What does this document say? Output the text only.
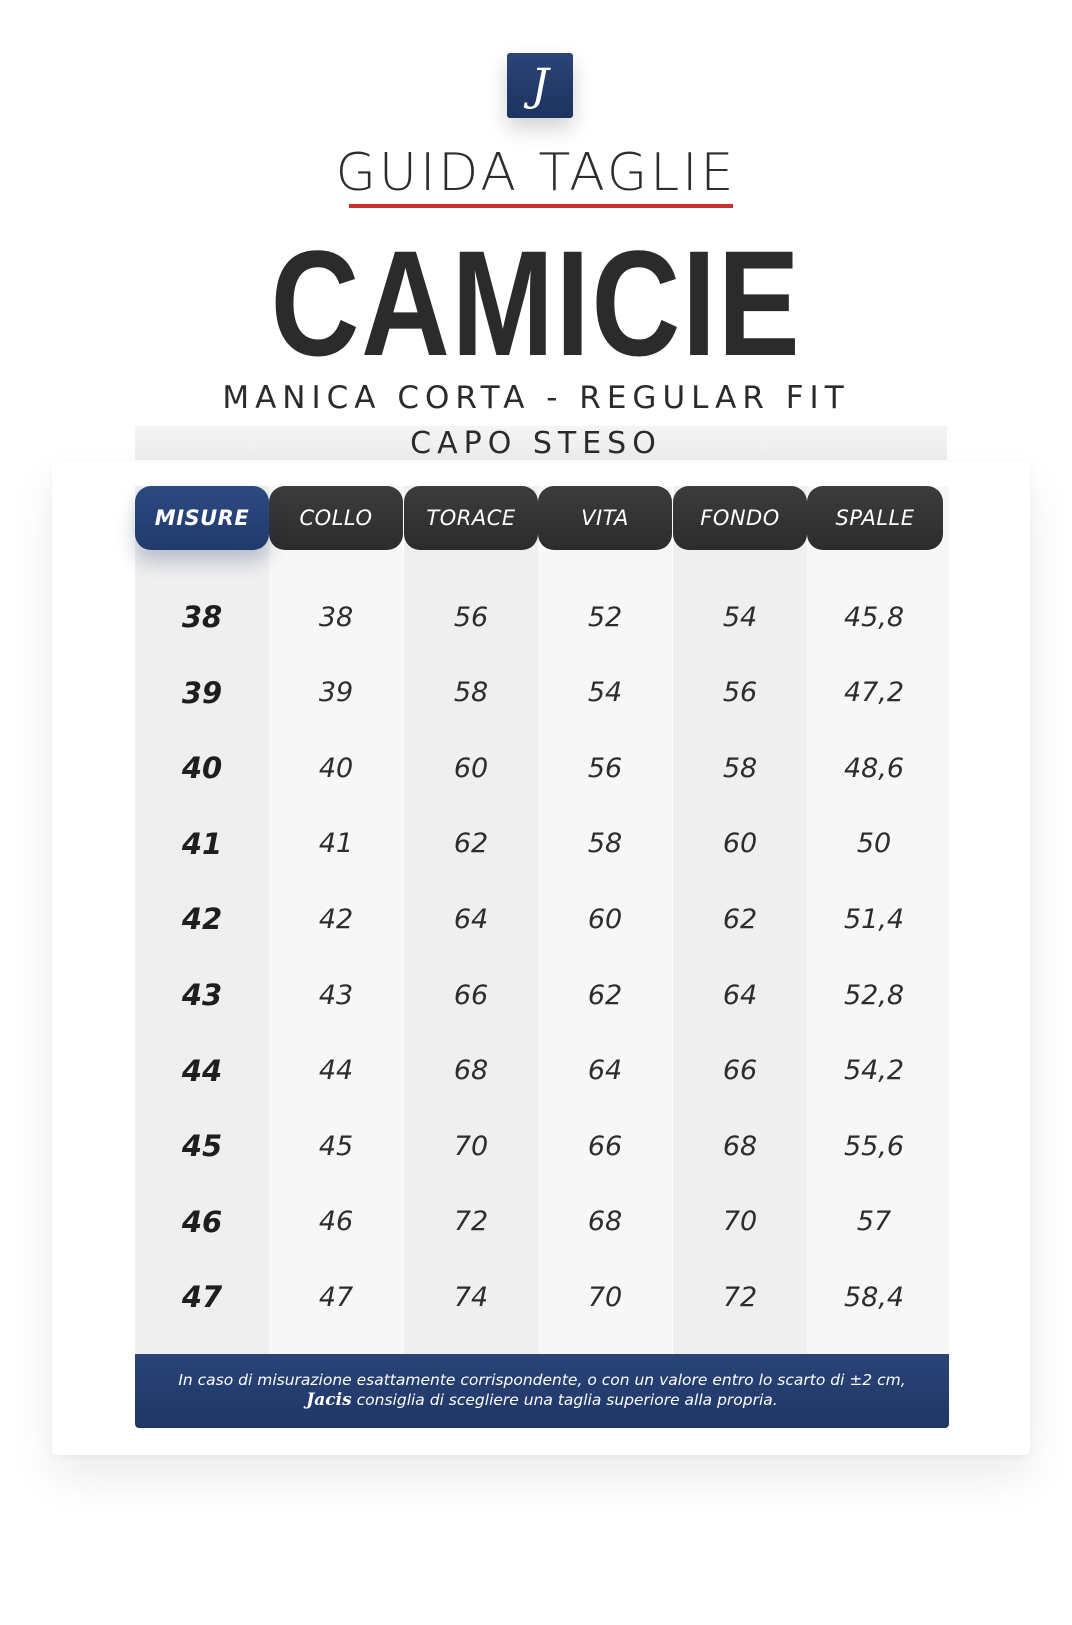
J
GUIDA TAGLIE
CAMICIE
MANICA CORTA - REGULAR FIT
CAPO STESO
MISURE	COLLO	TORACE	VITA	FONDO	SPALLE
38	38	56	52	54	45,8
39	39	58	54	56	47,2
40	40	60	56	58	48,6
41	41	62	58	60	50
42	42	64	60	62	51,4
43	43	66	62	64	52,8
44	44	68	64	66	54,2
45	45	70	66	68	55,6
46	46	72	68	70	57
47	47	74	70	72	58,4
In caso di misurazione esattamente corrispondente, o con un valore entro lo scarto di ±2 cm,
Jacis consiglia di scegliere una taglia superiore alla propria.
